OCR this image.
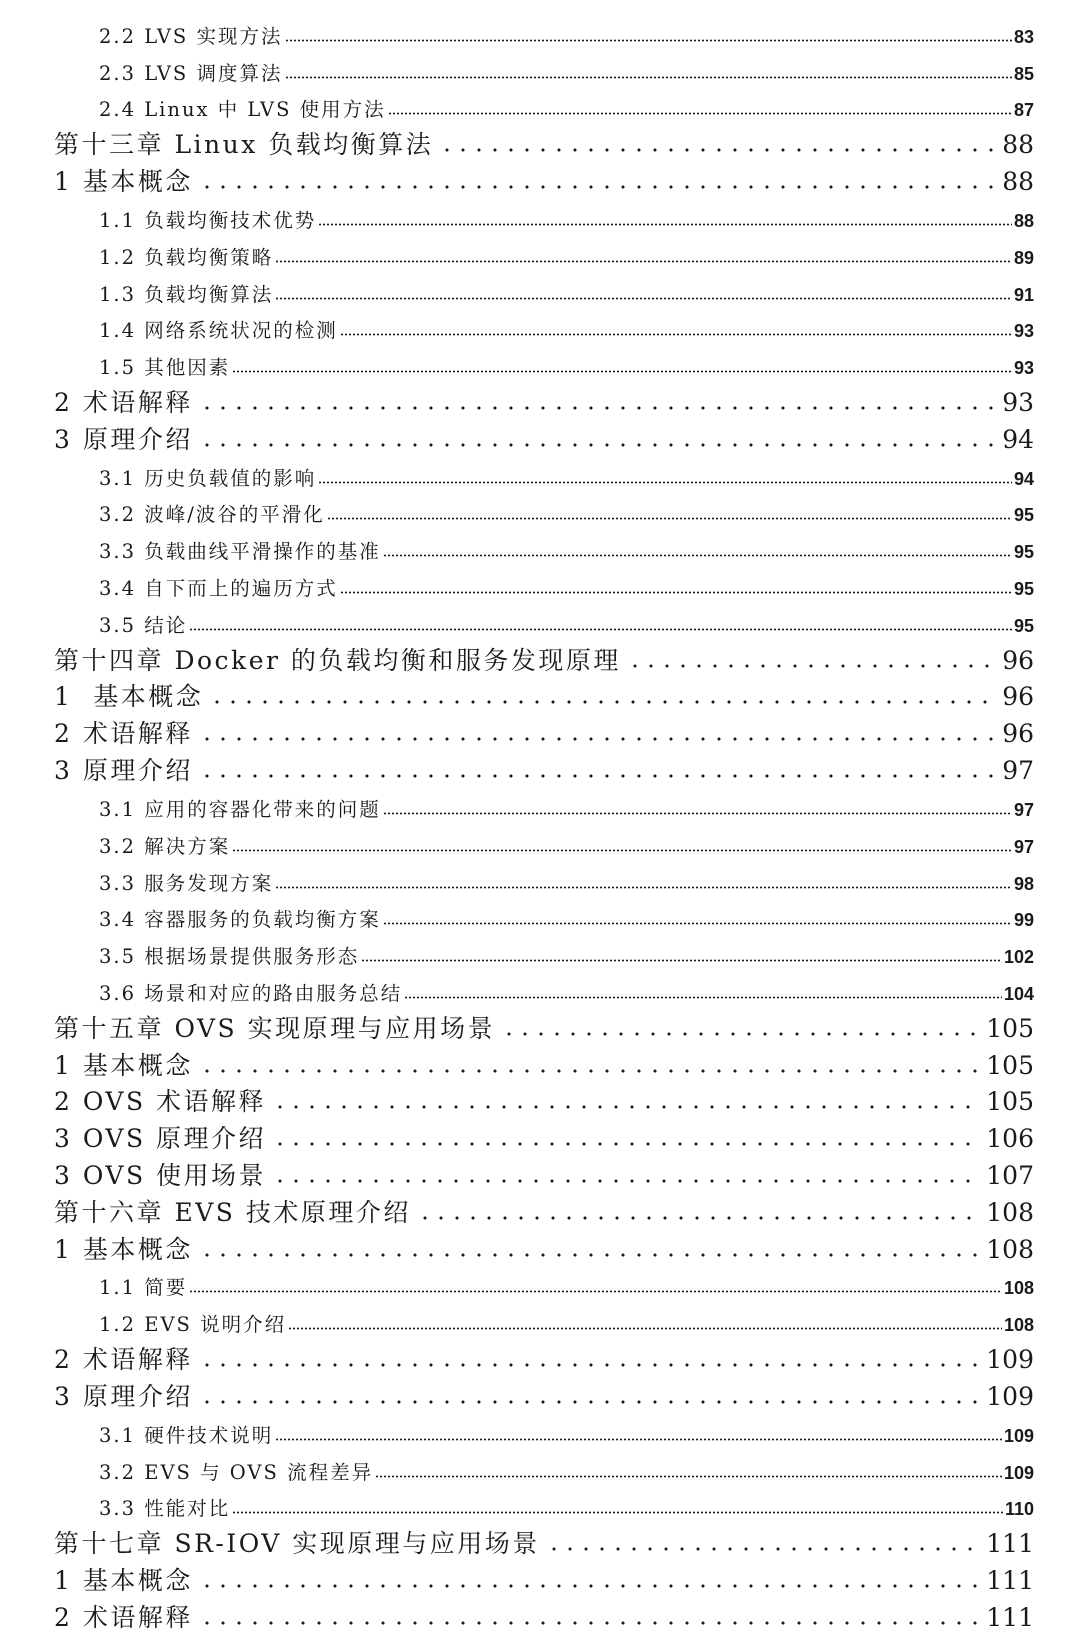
2.2 LVS 实现方法	83
2.3 LVS 调度算法	85
2.4 Linux 中 LVS 使用方法	87
第十三章 Linux 负载均衡算法	88
1 基本概念	88
1.1 负载均衡技术优势	88
1.2 负载均衡策略	89
1.3 负载均衡算法	91
1.4 网络系统状况的检测	93
1.5 其他因素	93
2 术语解释	93
3 原理介绍	94
3.1 历史负载值的影响	94
3.2 波峰/波谷的平滑化	95
3.3 负载曲线平滑操作的基准	95
3.4 自下而上的遍历方式	95
3.5 结论	95
第十四章 Docker 的负载均衡和服务发现原理	96
1  基本概念	96
2 术语解释	96
3 原理介绍	97
3.1 应用的容器化带来的问题	97
3.2 解决方案	97
3.3 服务发现方案	98
3.4 容器服务的负载均衡方案	99
3.5 根据场景提供服务形态	102
3.6 场景和对应的路由服务总结	104
第十五章 OVS 实现原理与应用场景	105
1 基本概念	105
2 OVS 术语解释	105
3 OVS 原理介绍	106
3 OVS 使用场景	107
第十六章 EVS 技术原理介绍	108
1 基本概念	108
1.1 简要	108
1.2 EVS 说明介绍	108
2 术语解释	109
3 原理介绍	109
3.1 硬件技术说明	109
3.2 EVS 与 OVS 流程差异	109
3.3 性能对比	110
第十七章 SR-IOV 实现原理与应用场景	111
1 基本概念	111
2 术语解释	111
